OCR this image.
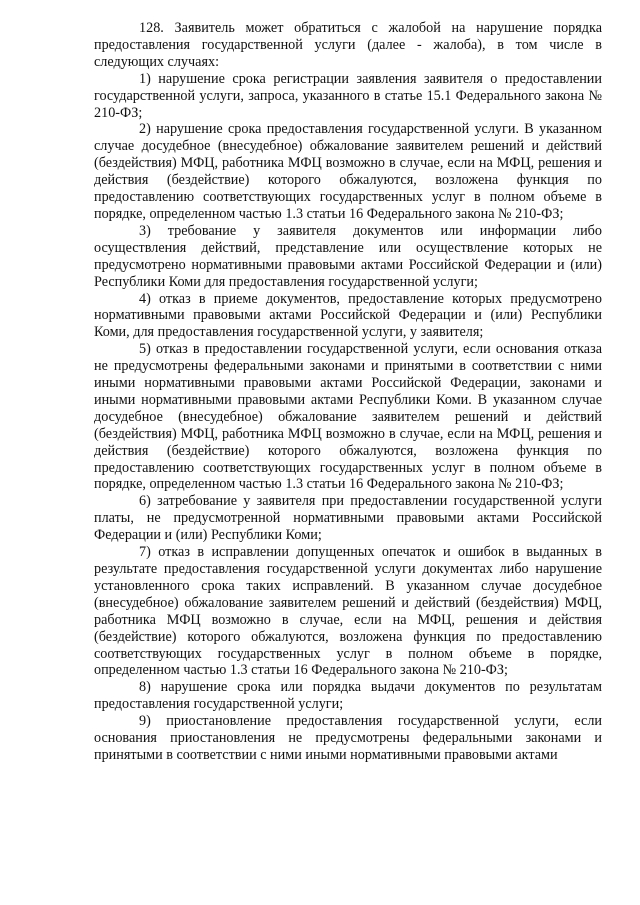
128. Заявитель может обратиться с жалобой на нарушение порядка предоставления государственной услуги (далее - жалоба), в том числе в следующих случаях:

1) нарушение срока регистрации заявления заявителя о предоставлении государственной услуги, запроса, указанного в статье 15.1 Федерального закона № 210-ФЗ;

2) нарушение срока предоставления государственной услуги. В указанном случае досудебное (внесудебное) обжалование заявителем решений и действий (бездействия) МФЦ, работника МФЦ возможно в случае, если на МФЦ, решения и действия (бездействие) которого обжалуются, возложена функция по предоставлению соответствующих государственных услуг в полном объеме в порядке, определенном частью 1.3 статьи 16 Федерального закона № 210-ФЗ;

3) требование у заявителя документов или информации либо осуществления действий, представление или осуществление которых не предусмотрено нормативными правовыми актами Российской Федерации и (или) Республики Коми для предоставления государственной услуги;

4) отказ в приеме документов, предоставление которых предусмотрено нормативными правовыми актами Российской Федерации и (или) Республики Коми, для предоставления государственной услуги, у заявителя;

5) отказ в предоставлении государственной услуги, если основания отказа не предусмотрены федеральными законами и принятыми в соответствии с ними иными нормативными правовыми актами Российской Федерации, законами и иными нормативными правовыми актами Республики Коми. В указанном случае досудебное (внесудебное) обжалование заявителем решений и действий (бездействия) МФЦ, работника МФЦ возможно в случае, если на МФЦ, решения и действия (бездействие) которого обжалуются, возложена функция по предоставлению соответствующих государственных услуг в полном объеме в порядке, определенном частью 1.3 статьи 16 Федерального закона № 210-ФЗ;

6) затребование у заявителя при предоставлении государственной услуги платы, не предусмотренной нормативными правовыми актами Российской Федерации и (или) Республики Коми;

7) отказ в исправлении допущенных опечаток и ошибок в выданных в результате предоставления государственной услуги документах либо нарушение установленного срока таких исправлений. В указанном случае досудебное (внесудебное) обжалование заявителем решений и действий (бездействия) МФЦ, работника МФЦ возможно в случае, если на МФЦ, решения и действия (бездействие) которого обжалуются, возложена функция по предоставлению соответствующих государственных услуг в полном объеме в порядке, определенном частью 1.3 статьи 16 Федерального закона № 210-ФЗ;

8) нарушение срока или порядка выдачи документов по результатам предоставления государственной услуги;

9) приостановление предоставления государственной услуги, если основания приостановления не предусмотрены федеральными законами и принятыми в соответствии с ними иными нормативными правовыми актами
